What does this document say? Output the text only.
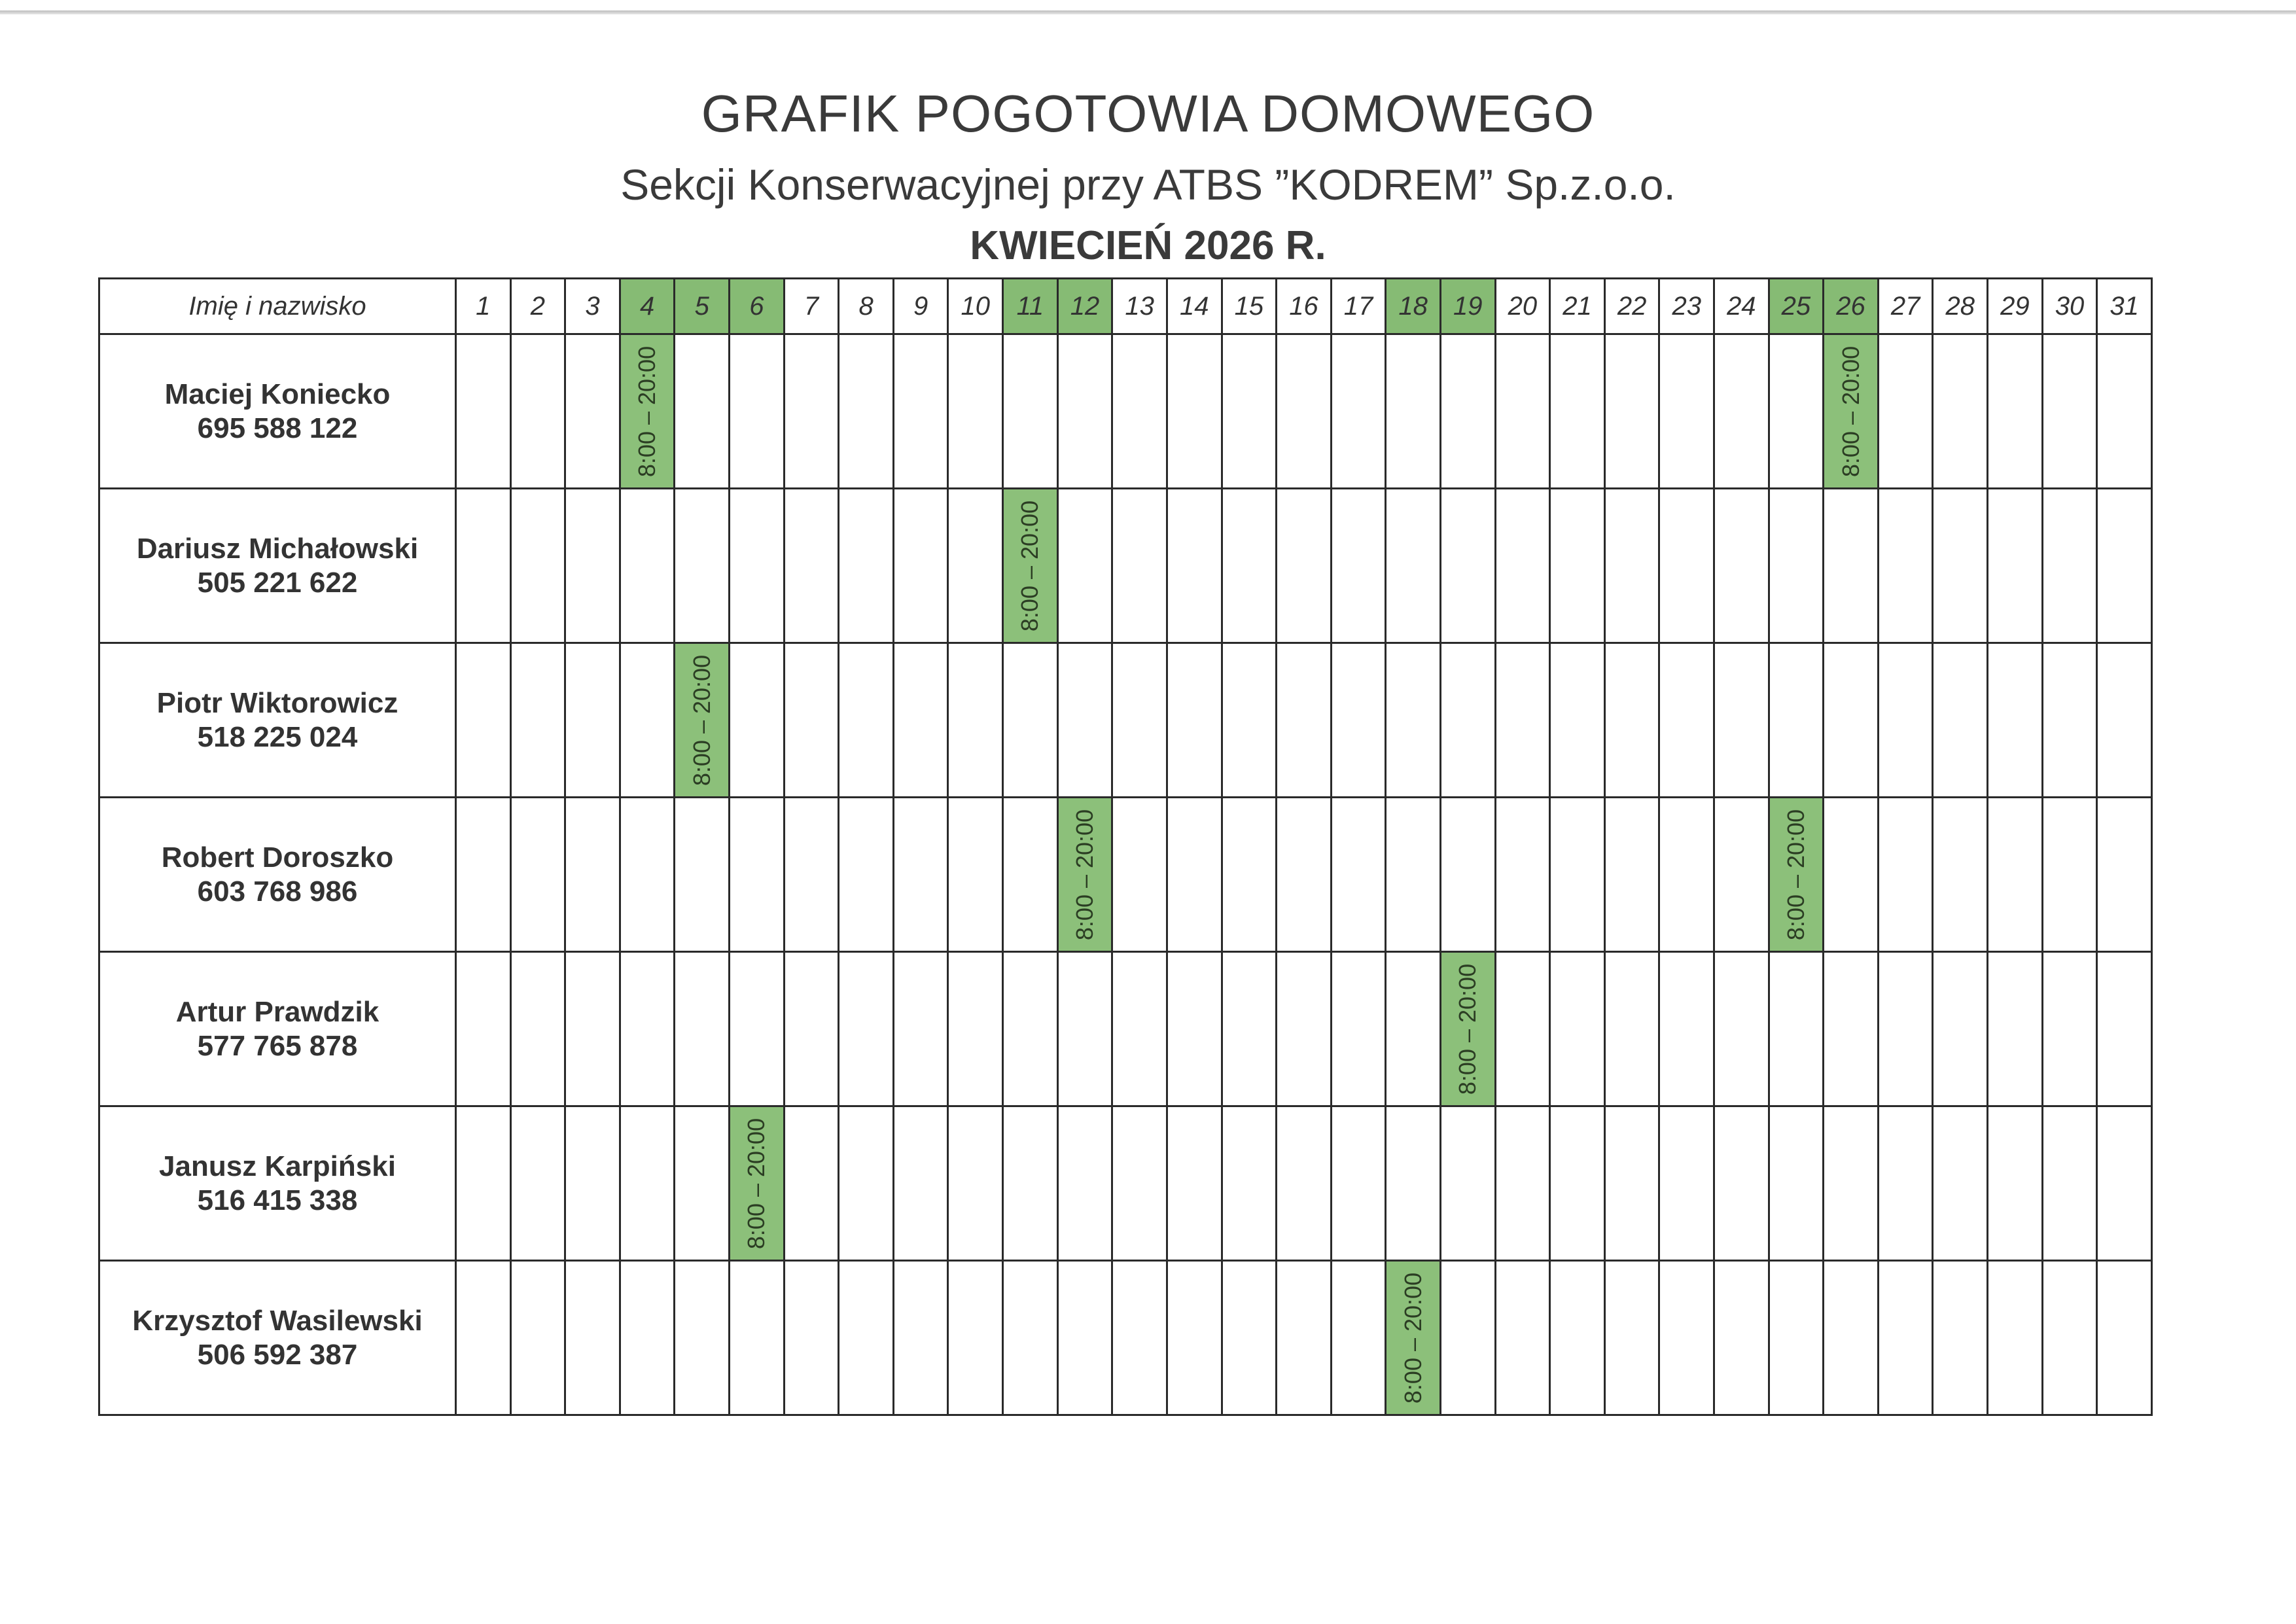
GRAFIK POGOTOWIA DOMOWEGO
Sekcji Konserwacyjnej przy ATBS ”KODREM” Sp.z.o.o.
KWIECIEŃ 2026 R.
Imię i nazwisko	1	2	3	4	5	6	7	8	9	10	11	12	13	14	15	16	17	18	19	20	21	22	23	24	25	26	27	28	29	30	31

Maciej Koniecko
695 588 122				8:00 – 20:00																						8:00 – 20:00					

Dariusz Michałowski
505 221 622											8:00 – 20:00																				

Piotr Wiktorowicz
518 225 024					8:00 – 20:00																										

Robert Doroszko
603 768 986												8:00 – 20:00													8:00 – 20:00						

Artur Prawdzik
577 765 878																			8:00 – 20:00												

Janusz Karpiński
516 415 338						8:00 – 20:00																									

Krzysztof Wasilewski
506 592 387																		8:00 – 20:00													
